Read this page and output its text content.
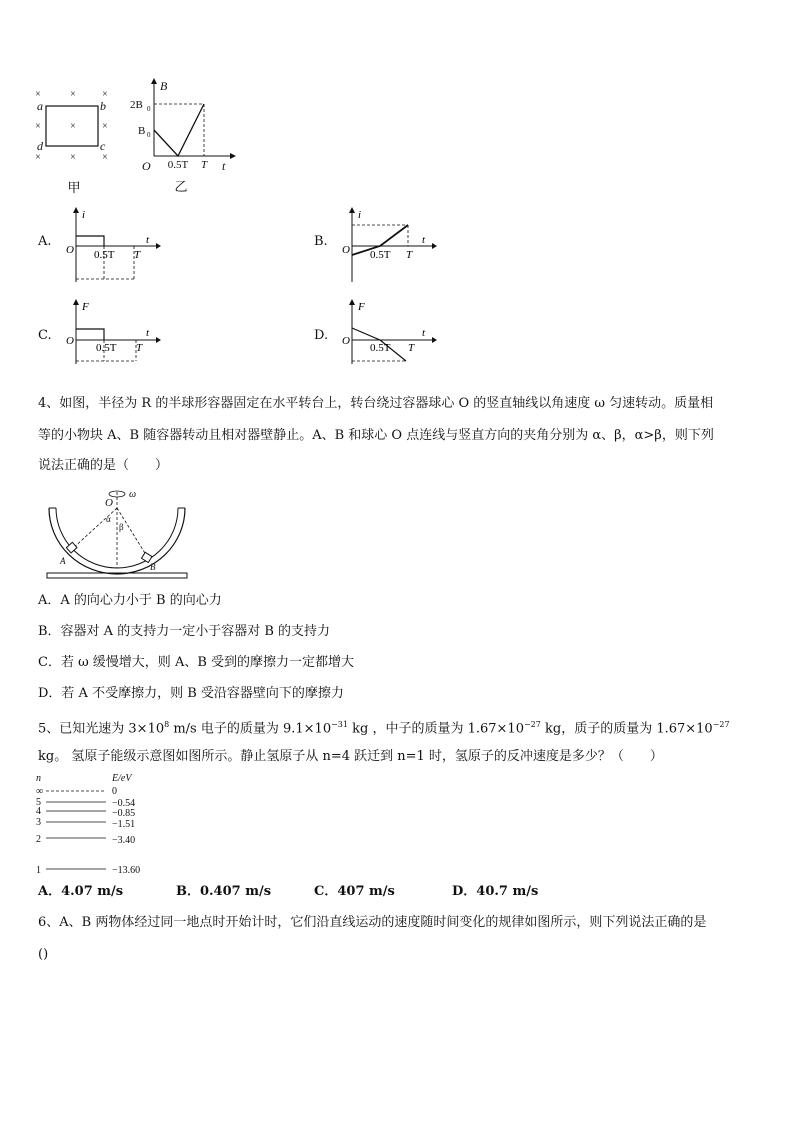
×	×	×
×	×	×
×	×	×
a	b
c
d
甲
B
t
O
2B 0
B 0
0.5T T
乙
A.
i
t
O 0.5T T
B.
i
t
O 0.5T T
C.
F
t
O
0.5T T
D.
F
t
O
0.5T T
4、如图，半径为 R 的半球形容器固定在水平转台上，转台绕过容器球心 O 的竖直轴线以角速度 ω 匀速转动。质量相
等的小物块 A、B 随容器转动且相对器壁静止。A、B 和球心 O 点连线与竖直方向的夹角分别为 α、β，α>β，则下列
说法正确的是（　　）
O
ω
α
β
A
B
A．A 的向心力小于 B 的向心力
B．容器对 A 的支持力一定小于容器对 B 的支持力
C．若 ω 缓慢增大，则 A、B 受到的摩擦力一定都增大
D．若 A 不受摩擦力，则 B 受沿容器壁向下的摩擦力
5、已知光速为 $3\times 10^8$ m/s 电子的质量为 $9.1\times 10^{-31}$ kg ，中子的质量为 $1.67\times 10^{-27}$ kg，质子的质量为 $1.67\times 10^{-27}$
kg。 氢原子能级示意图如图所示。静止氢原子从 n=4 跃迁到 n=1 时，氢原子的反冲速度是多少？（　　）
n	E/eV
∞	0
5	−0.54
4	−0.85
3	−1.51
2	−3.40
1	−13.60
A．4.07 m/s	B．0.407 m/s	C．407 m/s	D．40.7 m/s
6、A、B 两物体经过同一地点时开始计时，它们沿直线运动的速度随时间变化的规律如图所示，则下列说法正确的是
()
